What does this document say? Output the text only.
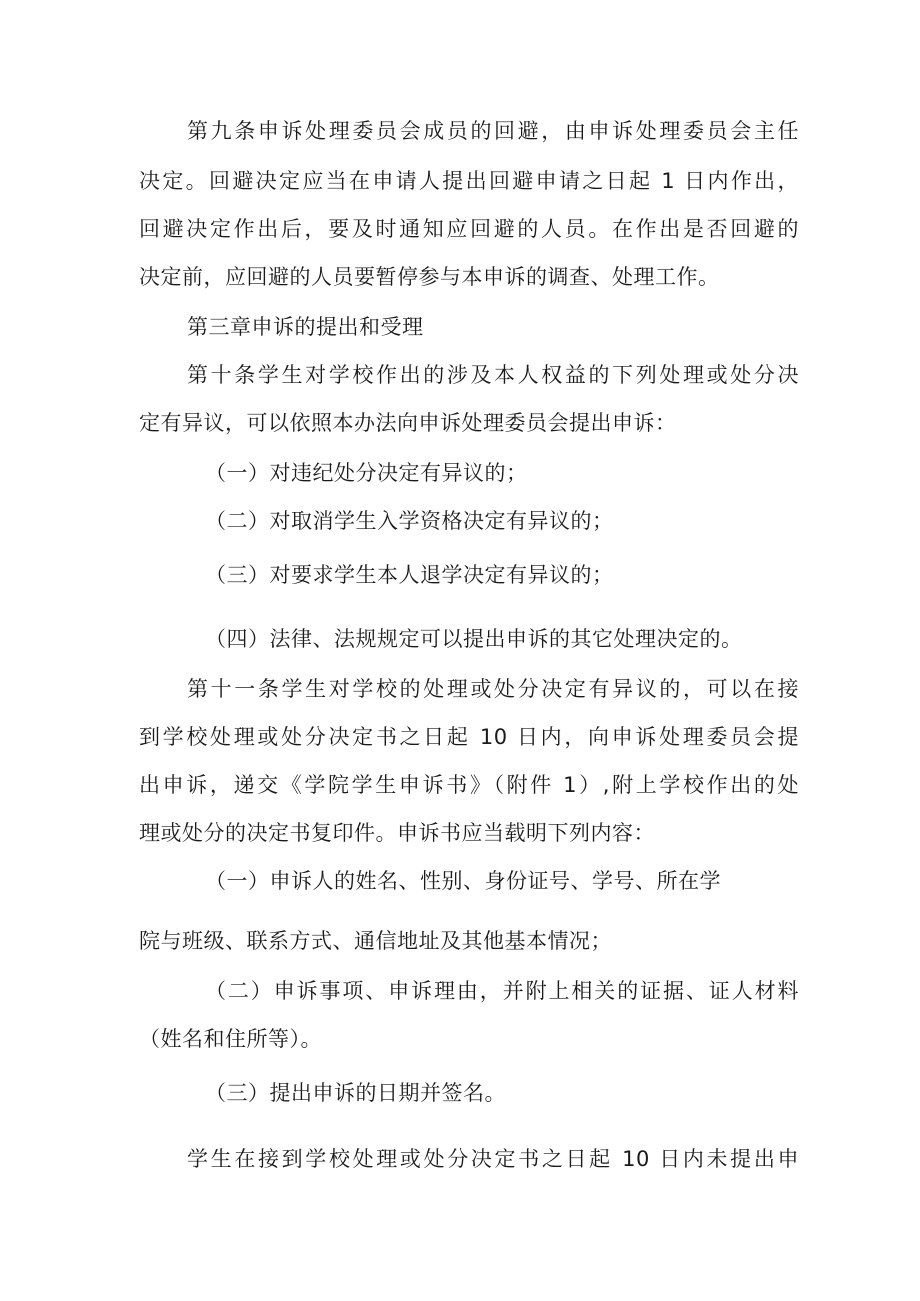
第九条申诉处理委员会成员的回避，由申诉处理委员会主任
决定。回避决定应当在申请人提出回避申请之日起 1 日内作出，
回避决定作出后，要及时通知应回避的人员。在作出是否回避的
决定前，应回避的人员要暂停参与本申诉的调查、处理工作。
第三章申诉的提出和受理
第十条学生对学校作出的涉及本人权益的下列处理或处分决
定有异议，可以依照本办法向申诉处理委员会提出申诉：
（一）对违纪处分决定有异议的；
（二）对取消学生入学资格决定有异议的；
（三）对要求学生本人退学决定有异议的；
（四）法律、法规规定可以提出申诉的其它处理决定的。
第十一条学生对学校的处理或处分决定有异议的，可以在接
到学校处理或处分决定书之日起 10 日内，向申诉处理委员会提
出申诉，递交《学院学生申诉书》（附件 1）,附上学校作出的处
理或处分的决定书复印件。申诉书应当载明下列内容：
（一）申诉人的姓名、性别、身份证号、学号、所在学
院与班级、联系方式、通信地址及其他基本情况；
（二）申诉事项、申诉理由，并附上相关的证据、证人材料
（姓名和住所等）。
（三）提出申诉的日期并签名。
学生在接到学校处理或处分决定书之日起 10 日内未提出申
